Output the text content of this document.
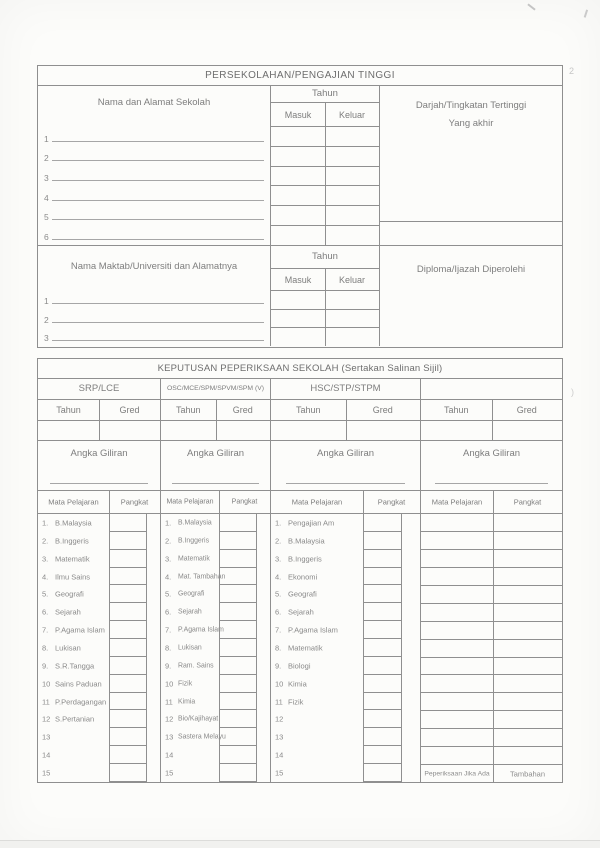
PERSEKOLAHAN/PENGAJIAN TINGGI
Nama dan Alamat Sekolah
1
2
3
4
5
6
Tahun
Masuk	Keluar
Darjah/Tingkatan Tertinggi
Yang akhir
Nama Maktab/Universiti dan Alamatnya
1
2
3
Tahun
Masuk	Keluar
Diploma/Ijazah Diperolehi
KEPUTUSAN PEPERIKSAAN SEKOLAH (Sertakan Salinan Sijil)
SRP/LCE
Tahun	Gred
Angka Giliran
Mata Pelajaran	Pangkat
1. B.Malaysia
2. B.Inggeris
3. Matematik
4. Ilmu Sains
5. Geografi
6. Sejarah
7. P.Agama Islam
8. Lukisan
9. S.R.Tangga
10 Sains Paduan
11 P.Perdagangan
12 S.Pertanian
13
14
15
OSC/MCE/SPM/SPVM/SPM (V)
Tahun	Gred
Angka Giliran
Mata Pelajaran	Pangkat
1. B.Malaysia
2. B.Inggeris
3. Matematik
4. Mat. Tambahan
5. Geografi
6. Sejarah
7. P.Agama Islam
8. Lukisan
9. Ram. Sains
10 Fizik
11 Kimia
12 Bio/Kajihayat
13 Sastera Melayu
14
15
HSC/STP/STPM
Tahun	Gred
Angka Giliran
Mata Pelajaran	Pangkat
1. Pengajian Am
2. B.Malaysia
3. B.Inggeris
4. Ekonomi
5. Geografi
6. Sejarah
7. P.Agama Islam
8. Matematik
9. Biologi
10 Kimia
11 Fizik
12
13
14
15
Tahun	Gred
Angka Giliran
Mata Pelajaran	Pangkat
Peperiksaan Jika Ada	Tambahan
2
)
